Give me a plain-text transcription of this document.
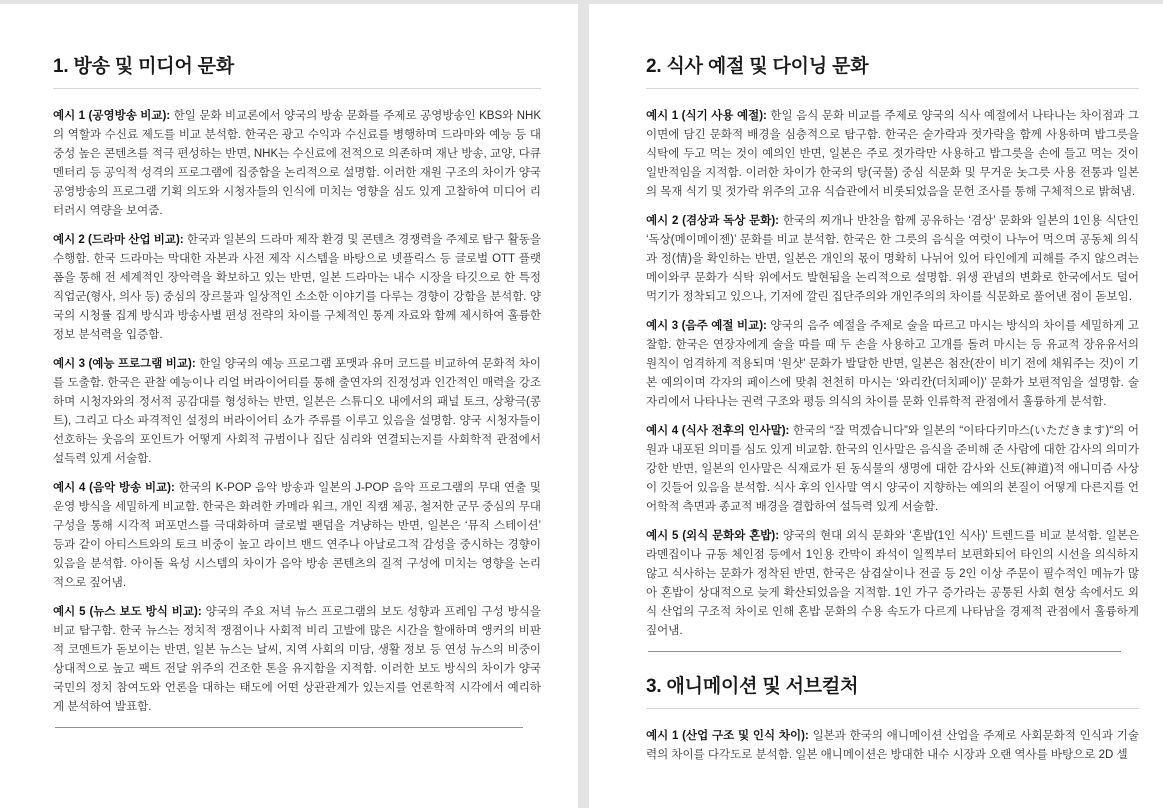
1. 방송 및 미디어 문화

예시 1 (공영방송 비교): 한일 문화 비교론에서 양국의 방송 문화를 주제로 공영방송인 KBS와 NHK의 역할과 수신료 제도를 비교 분석함. 한국은 광고 수익과 수신료를 병행하며 드라마와 예능 등 대중성 높은 콘텐츠를 적극 편성하는 반면, NHK는 수신료에 전적으로 의존하며 재난 방송, 교양, 다큐멘터리 등 공익적 성격의 프로그램에 집중함을 논리적으로 설명함. 이러한 재원 구조의 차이가 양국 공영방송의 프로그램 기획 의도와 시청자들의 인식에 미치는 영향을 심도 있게 고찰하여 미디어 리터러시 역량을 보여줌.

예시 2 (드라마 산업 비교): 한국과 일본의 드라마 제작 환경 및 콘텐츠 경쟁력을 주제로 탐구 활동을 수행함. 한국 드라마는 막대한 자본과 사전 제작 시스템을 바탕으로 넷플릭스 등 글로벌 OTT 플랫폼을 통해 전 세계적인 장악력을 확보하고 있는 반면, 일본 드라마는 내수 시장을 타깃으로 한 특정 직업군(형사, 의사 등) 중심의 장르물과 일상적인 소소한 이야기를 다루는 경향이 강함을 분석함. 양국의 시청률 집계 방식과 방송사별 편성 전략의 차이를 구체적인 통계 자료와 함께 제시하여 훌륭한 정보 분석력을 입증함.

예시 3 (예능 프로그램 비교): 한일 양국의 예능 프로그램 포맷과 유머 코드를 비교하여 문화적 차이를 도출함. 한국은 관찰 예능이나 리얼 버라이어티를 통해 출연자의 진정성과 인간적인 매력을 강조하며 시청자와의 정서적 공감대를 형성하는 반면, 일본은 스튜디오 내에서의 패널 토크, 상황극(콩트), 그리고 다소 파격적인 설정의 버라이어티 쇼가 주류를 이루고 있음을 설명함. 양국 시청자들이 선호하는 웃음의 포인트가 어떻게 사회적 규범이나 집단 심리와 연결되는지를 사회학적 관점에서 설득력 있게 서술함.

예시 4 (음악 방송 비교): 한국의 K-POP 음악 방송과 일본의 J-POP 음악 프로그램의 무대 연출 및 운영 방식을 세밀하게 비교함. 한국은 화려한 카메라 워크, 개인 직캠 제공, 철저한 군무 중심의 무대 구성을 통해 시각적 퍼포먼스를 극대화하며 글로벌 팬덤을 겨냥하는 반면, 일본은 ‘뮤직 스테이션’ 등과 같이 아티스트와의 토크 비중이 높고 라이브 밴드 연주나 아날로그적 감성을 중시하는 경향이 있음을 분석함. 아이돌 육성 시스템의 차이가 음악 방송 콘텐츠의 질적 구성에 미치는 영향을 논리적으로 짚어냄.

예시 5 (뉴스 보도 방식 비교): 양국의 주요 저녁 뉴스 프로그램의 보도 성향과 프레임 구성 방식을 비교 탐구함. 한국 뉴스는 정치적 쟁점이나 사회적 비리 고발에 많은 시간을 할애하며 앵커의 비판적 코멘트가 돋보이는 반면, 일본 뉴스는 날씨, 지역 사회의 미담, 생활 정보 등 연성 뉴스의 비중이 상대적으로 높고 팩트 전달 위주의 건조한 톤을 유지함을 지적함. 이러한 보도 방식의 차이가 양국 국민의 정치 참여도와 언론을 대하는 태도에 어떤 상관관계가 있는지를 언론학적 시각에서 예리하게 분석하여 발표함.

2. 식사 예절 및 다이닝 문화

예시 1 (식기 사용 예절): 한일 음식 문화 비교를 주제로 양국의 식사 예절에서 나타나는 차이점과 그 이면에 담긴 문화적 배경을 심층적으로 탐구함. 한국은 숟가락과 젓가락을 함께 사용하며 밥그릇을 식탁에 두고 먹는 것이 예의인 반면, 일본은 주로 젓가락만 사용하고 밥그릇을 손에 들고 먹는 것이 일반적임을 지적함. 이러한 차이가 한국의 탕(국물) 중심 식문화 및 무거운 놋그릇 사용 전통과 일본의 목재 식기 및 젓가락 위주의 고유 식습관에서 비롯되었음을 문헌 조사를 통해 구체적으로 밝혀냄.

예시 2 (겸상과 독상 문화): 한국의 찌개나 반찬을 함께 공유하는 ‘겸상’ 문화와 일본의 1인용 식단인 ‘독상(메이메이젠)’ 문화를 비교 분석함. 한국은 한 그릇의 음식을 여럿이 나누어 먹으며 공동체 의식과 정(情)을 확인하는 반면, 일본은 개인의 몫이 명확히 나뉘어 있어 타인에게 피해를 주지 않으려는 메이와쿠 문화가 식탁 위에서도 발현됨을 논리적으로 설명함. 위생 관념의 변화로 한국에서도 덜어먹기가 정착되고 있으나, 기저에 깔린 집단주의와 개인주의의 차이를 식문화로 풀어낸 점이 돋보임.

예시 3 (음주 예절 비교): 양국의 음주 예절을 주제로 술을 따르고 마시는 방식의 차이를 세밀하게 고찰함. 한국은 연장자에게 술을 따를 때 두 손을 사용하고 고개를 돌려 마시는 등 유교적 장유유서의 원칙이 엄격하게 적용되며 ‘원샷’ 문화가 발달한 반면, 일본은 첨잔(잔이 비기 전에 채워주는 것)이 기본 예의이며 각자의 페이스에 맞춰 천천히 마시는 ‘와리칸(더치페이)’ 문화가 보편적임을 설명함. 술자리에서 나타나는 권력 구조와 평등 의식의 차이를 문화 인류학적 관점에서 훌륭하게 분석함.

예시 4 (식사 전후의 인사말): 한국의 “잘 먹겠습니다”와 일본의 “이타다키마스(いただきます)“의 어원과 내포된 의미를 심도 있게 비교함. 한국의 인사말은 음식을 준비해 준 사람에 대한 감사의 의미가 강한 반면, 일본의 인사말은 식재료가 된 동식물의 생명에 대한 감사와 신토(神道)적 애니미즘 사상이 깃들어 있음을 분석함. 식사 후의 인사말 역시 양국이 지향하는 예의의 본질이 어떻게 다른지를 언어학적 측면과 종교적 배경을 결합하여 설득력 있게 서술함.

예시 5 (외식 문화와 혼밥): 양국의 현대 외식 문화와 ‘혼밥(1인 식사)’ 트렌드를 비교 분석함. 일본은 라멘집이나 규동 체인점 등에서 1인용 칸막이 좌석이 일찍부터 보편화되어 타인의 시선을 의식하지 않고 식사하는 문화가 정착된 반면, 한국은 삼겹살이나 전골 등 2인 이상 주문이 필수적인 메뉴가 많아 혼밥이 상대적으로 늦게 확산되었음을 지적함. 1인 가구 증가라는 공통된 사회 현상 속에서도 외식 산업의 구조적 차이로 인해 혼밥 문화의 수용 속도가 다르게 나타남을 경제적 관점에서 훌륭하게 짚어냄.

3. 애니메이션 및 서브컬처

예시 1 (산업 구조 및 인식 차이): 일본과 한국의 애니메이션 산업을 주제로 사회문화적 인식과 기술력의 차이를 다각도로 분석함. 일본 애니메이션은 방대한 내수 시장과 오랜 역사를 바탕으로 2D 셀
